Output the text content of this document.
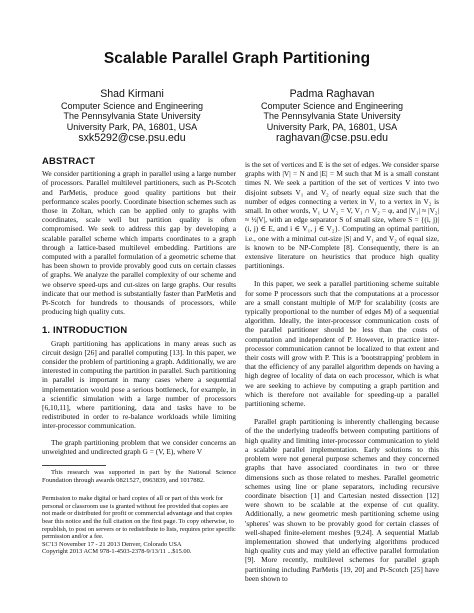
Scalable Parallel Graph Partitioning
Shad Kirmani
Computer Science and Engineering
The Pennsylvania State University
University Park, PA, 16801, USA
sxk5292@cse.psu.edu
Padma Raghavan
Computer Science and Engineering
The Pennsylvania State University
University Park, PA, 16801, USA
raghavan@cse.psu.edu
ABSTRACT

We consider partitioning a graph in parallel using a large number of processors. Parallel multilevel partitioners, such as Pt-Scotch and ParMetis, produce good quality partitions but their performance scales poorly. Coordinate bisection schemes such as those in Zoltan, which can be applied only to graphs with coordinates, scale well but partition quality is often compromised. We seek to address this gap by developing a scalable parallel scheme which imparts coordinates to a graph through a lattice-based multilevel embedding. Partitions are computed with a parallel formulation of a geometric scheme that has been shown to provide provably good cuts on certain classes of graphs. We analyze the parallel complexity of our scheme and we observe speed-ups and cut-sizes on large graphs. Our results indicate that our method is substantially faster than ParMetis and Pt-Scotch for hundreds to thousands of processors, while producing high quality cuts.

1. INTRODUCTION

Graph partitioning has applications in many areas such as circuit design [26] and parallel computing [13]. In this paper, we consider the problem of partitioning a graph. Additionally, we are interested in computing the partition in parallel. Such partitioning in parallel is important in many cases where a sequential implementation would pose a serious bottleneck, for example, in a scientific simulation with a large number of processors [6,10,11], where partitioning, data and tasks have to be redistributed in order to re-balance workloads while limiting inter-processor communication.

The graph partitioning problem that we consider concerns an unweighted and undirected graph G = (V, E), where V

This research was supported in part by the National Science Foundation through awards 0821527, 0963839, and 1017882.

Permission to make digital or hard copies of all or part of this work for
personal or classroom use is granted without fee provided that copies are
not made or distributed for profit or commercial advantage and that copies
bear this notice and the full citation on the first page. To copy otherwise, to
republish, to post on servers or to redistribute to lists, requires prior specific
permission and/or a fee.
SC'13 November 17 - 21 2013 Denver, Colorado USA
Copyright 2013 ACM 978-1-4503-2378-9/13/11 ...$15.00.

is the set of vertices and E is the set of edges. We consider sparse graphs with |V| = N and |E| = M such that M is a small constant times N. We seek a partition of the set of vertices V into two disjoint subsets V₁ and V₂ of nearly equal size such that the number of edges connecting a vertex in V₁ to a vertex in V₂ is small. In other words, V₁ ∪ V₂ = V, V₁ ∩ V₂ = φ, and |V₁| ≈ |V₂| ≈ ½|V|, with an edge separator S of small size, where S = {(i, j)|(i, j) ∈ E, and i ∈ V₁, j ∈ V₂}. Computing an optimal partition, i.e., one with a minimal cut-size |S| and V₁ and V₂ of equal size, is known to be NP-Complete [8]. Consequently, there is an extensive literature on heuristics that produce high quality partitionings.

In this paper, we seek a parallel partitioning scheme suitable for some P processors such that the computations at a processor are a small constant multiple of M/P for scalability (costs are typically proportional to the number of edges M) of a sequential algorithm. Ideally, the inter-processor communication costs of the parallel partitioner should be less than the costs of computation and independent of P. However, in practice inter-processor communication cannot be localized to that extent and their costs will grow with P. This is a 'bootstrapping' problem in that the efficiency of any parallel algorithm depends on having a high degree of locality of data on each processor, which is what we are seeking to achieve by computing a graph partition and which is therefore not available for speeding-up a parallel partitioning scheme.

Parallel graph partitioning is inherently challenging because of the the underlying tradeoffs between computing partitions of high quality and limiting inter-processor communication to yield a scalable parallel implementation. Early solutions to this problem were not general purpose schemes and they concerned graphs that have associated coordinates in two or three dimensions such as those related to meshes. Parallel geometric schemes using line or plane separators, including recursive coordinate bisection [1] and Cartesian nested dissection [12] were shown to be scalable at the expense of cut quality. Additionally, a new geometric mesh partitioning scheme using 'spheres' was shown to be provably good for certain classes of well-shaped finite-element meshes [9,24]. A sequential Matlab implementation showed that underlying algorithms produced high quality cuts and may yield an effective parallel formulation [9]. More recently, multilevel schemes for parallel graph partitioning including ParMetis [19, 20] and Pt-Scotch [25] have been shown to
